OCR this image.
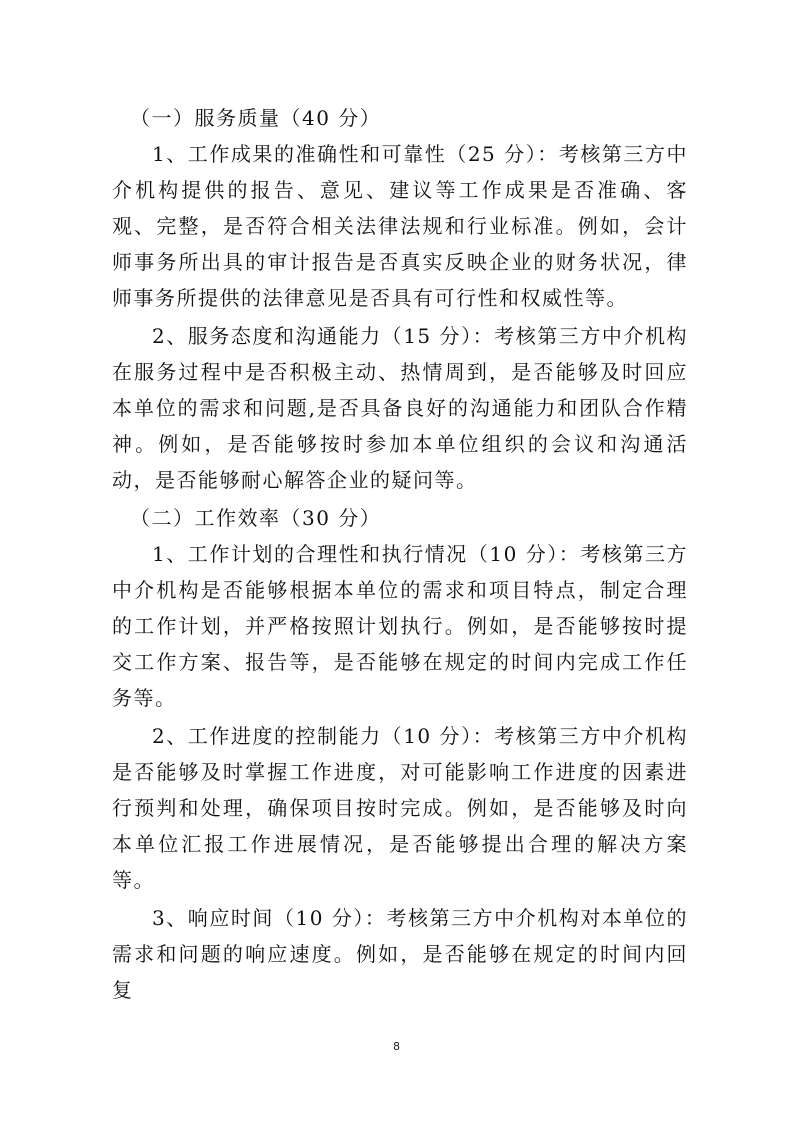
（一）服务质量（40 分）

1、工作成果的准确性和可靠性（25 分）：考核第三方中介机构提供的报告、意见、建议等工作成果是否准确、客观、完整，是否符合相关法律法规和行业标准。例如，会计师事务所出具的审计报告是否真实反映企业的财务状况，律师事务所提供的法律意见是否具有可行性和权威性等。

2、服务态度和沟通能力（15 分）：考核第三方中介机构在服务过程中是否积极主动、热情周到，是否能够及时回应本单位的需求和问题,是否具备良好的沟通能力和团队合作精神。例如，是否能够按时参加本单位组织的会议和沟通活动，是否能够耐心解答企业的疑问等。

（二）工作效率（30 分）

1、工作计划的合理性和执行情况（10 分）：考核第三方中介机构是否能够根据本单位的需求和项目特点，制定合理的工作计划，并严格按照计划执行。例如，是否能够按时提交工作方案、报告等，是否能够在规定的时间内完成工作任务等。

2、工作进度的控制能力（10 分）：考核第三方中介机构是否能够及时掌握工作进度，对可能影响工作进度的因素进行预判和处理，确保项目按时完成。例如，是否能够及时向本单位汇报工作进展情况，是否能够提出合理的解决方案等。

3、响应时间（10 分）：考核第三方中介机构对本单位的需求和问题的响应速度。例如，是否能够在规定的时间内回复

8
